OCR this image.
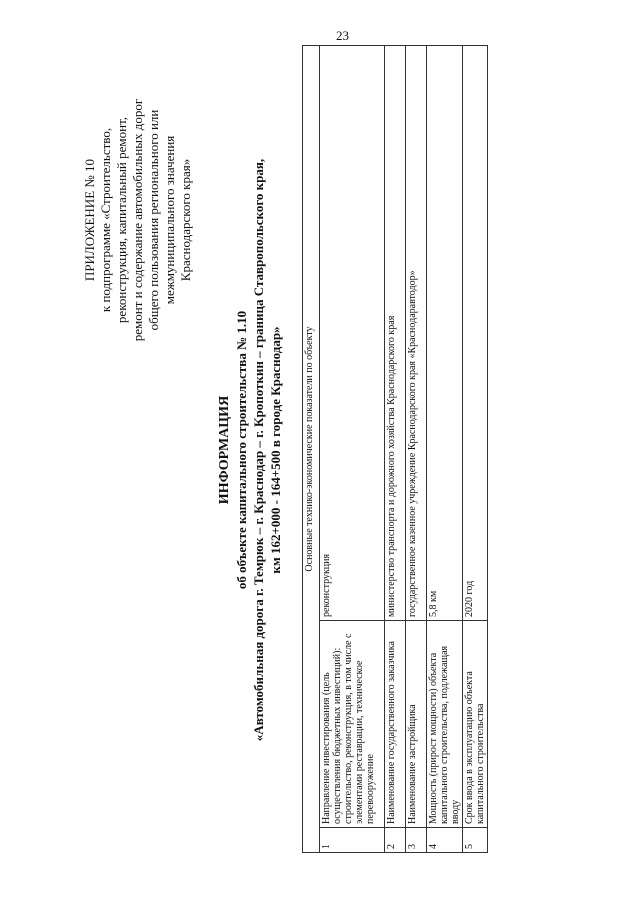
23
ПРИЛОЖЕНИЕ № 10 к подпрограмме «Строительство, реконструкция, капитальный ремонт, ремонт и содержание автомобильных дорог общего пользования регионального или межмуниципального значения Краснодарского края»
ИНФОРМАЦИЯ об объекте капитального строительства № 1.10 «Автомобильная дорога г. Темрюк – г. Краснодар – г. Кропоткин – граница Ставропольского края, км 162+000 - 164+500 в городе Краснодар» Основные технико-экономические показатели по объекту		
1	Направление инвестирования (цель осуществления бюджетных инвестиций): строительство, реконструкция, в том числе с элементами реставрации, техническое перевооружение	реконструкция
2	Наименование государственного заказчика	министерство транспорта и дорожного хозяйства Краснодарского края
3	Наименование застройщика	государственное казенное учреждение Краснодарского края «Краснодаравтодор»
4	Мощность (прирост мощности) объекта капитального строительства, подлежащая вводу	5,8 км
5	Срок ввода в эксплуатацию объекта капитального строительства	2020 год
